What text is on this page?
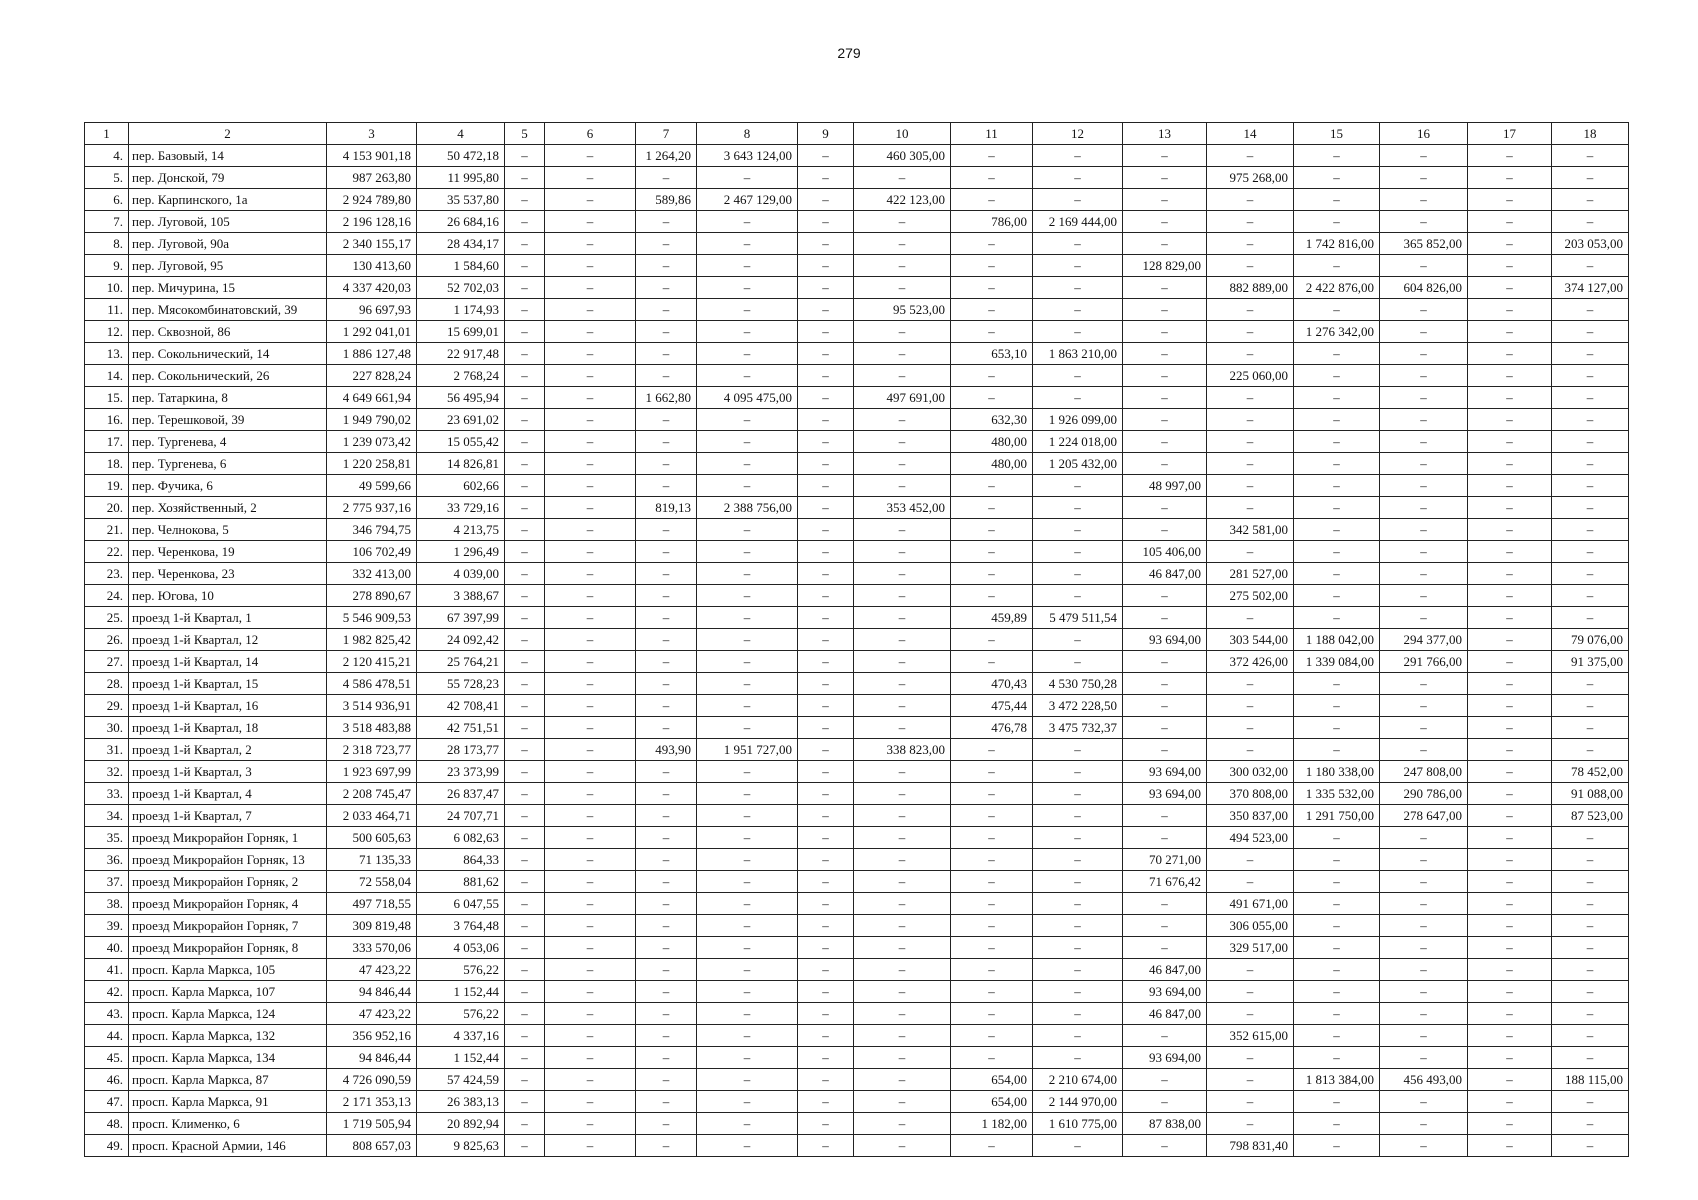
279
1	2	3	4	5	6	7	8	9	10	11	12	13	14	15	16	17	18
4.	пер. Базовый, 14	4 153 901,18	50 472,18	–	–	1 264,20	3 643 124,00	–	460 305,00	–	–	–	–	–	–	–	–
5.	пер. Донской, 79	987 263,80	11 995,80	–	–	–	–	–	–	–	–	–	975 268,00	–	–	–	–
6.	пер. Карпинского, 1а	2 924 789,80	35 537,80	–	–	589,86	2 467 129,00	–	422 123,00	–	–	–	–	–	–	–	–
7.	пер. Луговой, 105	2 196 128,16	26 684,16	–	–	–	–	–	–	786,00	2 169 444,00	–	–	–	–	–	–
8.	пер. Луговой, 90а	2 340 155,17	28 434,17	–	–	–	–	–	–	–	–	–	–	1 742 816,00	365 852,00	–	203 053,00
9.	пер. Луговой, 95	130 413,60	1 584,60	–	–	–	–	–	–	–	–	128 829,00	–	–	–	–	–
10.	пер. Мичурина, 15	4 337 420,03	52 702,03	–	–	–	–	–	–	–	–	–	882 889,00	2 422 876,00	604 826,00	–	374 127,00
11.	пер. Мясокомбинатовский, 39	96 697,93	1 174,93	–	–	–	–	–	95 523,00	–	–	–	–	–	–	–	–
12.	пер. Сквозной, 86	1 292 041,01	15 699,01	–	–	–	–	–	–	–	–	–	–	1 276 342,00	–	–	–
13.	пер. Сокольнический, 14	1 886 127,48	22 917,48	–	–	–	–	–	–	653,10	1 863 210,00	–	–	–	–	–	–
14.	пер. Сокольнический, 26	227 828,24	2 768,24	–	–	–	–	–	–	–	–	–	225 060,00	–	–	–	–
15.	пер. Татаркина, 8	4 649 661,94	56 495,94	–	–	1 662,80	4 095 475,00	–	497 691,00	–	–	–	–	–	–	–	–
16.	пер. Терешковой, 39	1 949 790,02	23 691,02	–	–	–	–	–	–	632,30	1 926 099,00	–	–	–	–	–	–
17.	пер. Тургенева, 4	1 239 073,42	15 055,42	–	–	–	–	–	–	480,00	1 224 018,00	–	–	–	–	–	–
18.	пер. Тургенева, 6	1 220 258,81	14 826,81	–	–	–	–	–	–	480,00	1 205 432,00	–	–	–	–	–	–
19.	пер. Фучика, 6	49 599,66	602,66	–	–	–	–	–	–	–	–	48 997,00	–	–	–	–	–
20.	пер. Хозяйственный, 2	2 775 937,16	33 729,16	–	–	819,13	2 388 756,00	–	353 452,00	–	–	–	–	–	–	–	–
21.	пер. Челнокова, 5	346 794,75	4 213,75	–	–	–	–	–	–	–	–	–	342 581,00	–	–	–	–
22.	пер. Черенкова, 19	106 702,49	1 296,49	–	–	–	–	–	–	–	–	105 406,00	–	–	–	–	–
23.	пер. Черенкова, 23	332 413,00	4 039,00	–	–	–	–	–	–	–	–	46 847,00	281 527,00	–	–	–	–
24.	пер. Югова, 10	278 890,67	3 388,67	–	–	–	–	–	–	–	–	–	275 502,00	–	–	–	–
25.	проезд 1-й Квартал, 1	5 546 909,53	67 397,99	–	–	–	–	–	–	459,89	5 479 511,54	–	–	–	–	–	–
26.	проезд 1-й Квартал, 12	1 982 825,42	24 092,42	–	–	–	–	–	–	–	–	93 694,00	303 544,00	1 188 042,00	294 377,00	–	79 076,00
27.	проезд 1-й Квартал, 14	2 120 415,21	25 764,21	–	–	–	–	–	–	–	–	–	372 426,00	1 339 084,00	291 766,00	–	91 375,00
28.	проезд 1-й Квартал, 15	4 586 478,51	55 728,23	–	–	–	–	–	–	470,43	4 530 750,28	–	–	–	–	–	–
29.	проезд 1-й Квартал, 16	3 514 936,91	42 708,41	–	–	–	–	–	–	475,44	3 472 228,50	–	–	–	–	–	–
30.	проезд 1-й Квартал, 18	3 518 483,88	42 751,51	–	–	–	–	–	–	476,78	3 475 732,37	–	–	–	–	–	–
31.	проезд 1-й Квартал, 2	2 318 723,77	28 173,77	–	–	493,90	1 951 727,00	–	338 823,00	–	–	–	–	–	–	–	–
32.	проезд 1-й Квартал, 3	1 923 697,99	23 373,99	–	–	–	–	–	–	–	–	93 694,00	300 032,00	1 180 338,00	247 808,00	–	78 452,00
33.	проезд 1-й Квартал, 4	2 208 745,47	26 837,47	–	–	–	–	–	–	–	–	93 694,00	370 808,00	1 335 532,00	290 786,00	–	91 088,00
34.	проезд 1-й Квартал, 7	2 033 464,71	24 707,71	–	–	–	–	–	–	–	–	–	350 837,00	1 291 750,00	278 647,00	–	87 523,00
35.	проезд Микрорайон Горняк, 1	500 605,63	6 082,63	–	–	–	–	–	–	–	–	–	494 523,00	–	–	–	–
36.	проезд Микрорайон Горняк, 13	71 135,33	864,33	–	–	–	–	–	–	–	–	70 271,00	–	–	–	–	–
37.	проезд Микрорайон Горняк, 2	72 558,04	881,62	–	–	–	–	–	–	–	–	71 676,42	–	–	–	–	–
38.	проезд Микрорайон Горняк, 4	497 718,55	6 047,55	–	–	–	–	–	–	–	–	–	491 671,00	–	–	–	–
39.	проезд Микрорайон Горняк, 7	309 819,48	3 764,48	–	–	–	–	–	–	–	–	–	306 055,00	–	–	–	–
40.	проезд Микрорайон Горняк, 8	333 570,06	4 053,06	–	–	–	–	–	–	–	–	–	329 517,00	–	–	–	–
41.	просп. Карла Маркса, 105	47 423,22	576,22	–	–	–	–	–	–	–	–	46 847,00	–	–	–	–	–
42.	просп. Карла Маркса, 107	94 846,44	1 152,44	–	–	–	–	–	–	–	–	93 694,00	–	–	–	–	–
43.	просп. Карла Маркса, 124	47 423,22	576,22	–	–	–	–	–	–	–	–	46 847,00	–	–	–	–	–
44.	просп. Карла Маркса, 132	356 952,16	4 337,16	–	–	–	–	–	–	–	–	–	352 615,00	–	–	–	–
45.	просп. Карла Маркса, 134	94 846,44	1 152,44	–	–	–	–	–	–	–	–	93 694,00	–	–	–	–	–
46.	просп. Карла Маркса, 87	4 726 090,59	57 424,59	–	–	–	–	–	–	654,00	2 210 674,00	–	–	1 813 384,00	456 493,00	–	188 115,00
47.	просп. Карла Маркса, 91	2 171 353,13	26 383,13	–	–	–	–	–	–	654,00	2 144 970,00	–	–	–	–	–	–
48.	просп. Клименко, 6	1 719 505,94	20 892,94	–	–	–	–	–	–	1 182,00	1 610 775,00	87 838,00	–	–	–	–	–
49.	просп. Красной Армии, 146	808 657,03	9 825,63	–	–	–	–	–	–	–	–	–	798 831,40	–	–	–	–
